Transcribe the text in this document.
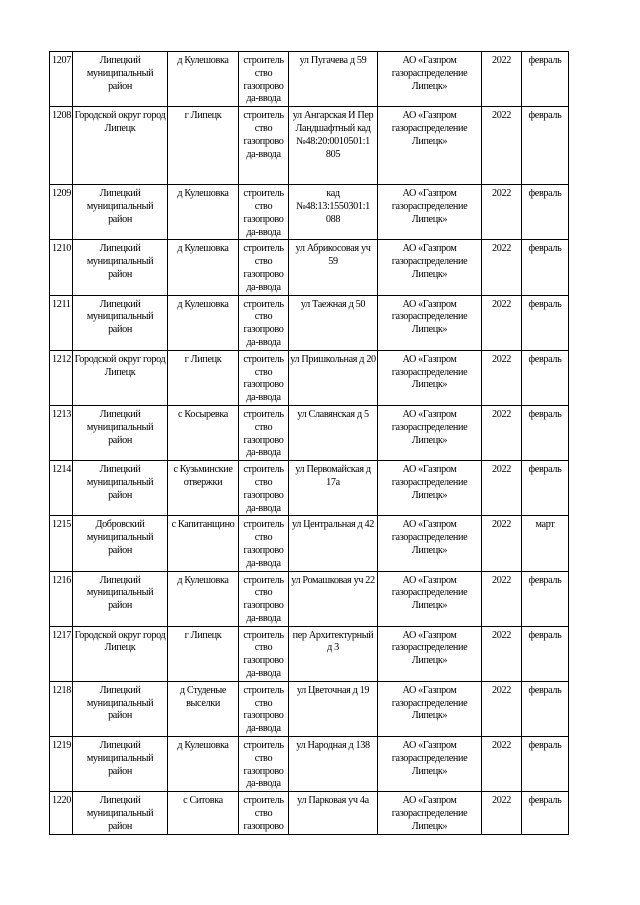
1207	Липецкий муниципальный район	д Кулешовка	строитель ство газопрово да-ввода	ул Пугачева д 59	АО «Газпром газораспределение Липецк»	2022	февраль
1208	Городской округ город Липецк	г Липецк	строитель ство газопрово да-ввода	ул Ангарская И Пер Ландшафтный кад №48:20:0010501:1 805	АО «Газпром газораспределение Липецк»	2022	февраль
1209	Липецкий муниципальный район	д Кулешовка	строитель ство газопрово да-ввода	кад №48:13:1550301:1 088	АО «Газпром газораспределение Липецк»	2022	февраль
1210	Липецкий муниципальный район	д Кулешовка	строитель ство газопрово да-ввода	ул Абрикосовая уч 59	АО «Газпром газораспределение Липецк»	2022	февраль
1211	Липецкий муниципальный район	д Кулешовка	строитель ство газопрово да-ввода	ул Таежная д 50	АО «Газпром газораспределение Липецк»	2022	февраль
1212	Городской округ город Липецк	г Липецк	строитель ство газопрово да-ввода	ул Пришкольная д 20	АО «Газпром газораспределение Липецк»	2022	февраль
1213	Липецкий муниципальный район	с Косыревка	строитель ство газопрово да-ввода	ул Славянская д 5	АО «Газпром газораспределение Липецк»	2022	февраль
1214	Липецкий муниципальный район	с Кузьминские отвержки	строитель ство газопрово да-ввода	ул Первомайская д 17а	АО «Газпром газораспределение Липецк»	2022	февраль
1215	Добровский муниципальный район	с Капитанщино	строитель ство газопрово да-ввода	ул Центральная д 42	АО «Газпром газораспределение Липецк»	2022	март
1216	Липецкий муниципальный район	д Кулешовка	строитель ство газопрово да-ввода	ул Ромашковая уч 22	АО «Газпром газораспределение Липецк»	2022	февраль
1217	Городской округ город Липецк	г Липецк	строитель ство газопрово да-ввода	пер Архитектурный д 3	АО «Газпром газораспределение Липецк»	2022	февраль
1218	Липецкий муниципальный район	д Студеные выселки	строитель ство газопрово да-ввода	ул Цветочная д 19	АО «Газпром газораспределение Липецк»	2022	февраль
1219	Липецкий муниципальный район	д Кулешовка	строитель ство газопрово да-ввода	ул Народная д 138	АО «Газпром газораспределение Липецк»	2022	февраль
1220	Липецкий муниципальный район	с Ситовка	строитель ство газопрово	ул Парковая уч 4а	АО «Газпром газораспределение Липецк»	2022	февраль
